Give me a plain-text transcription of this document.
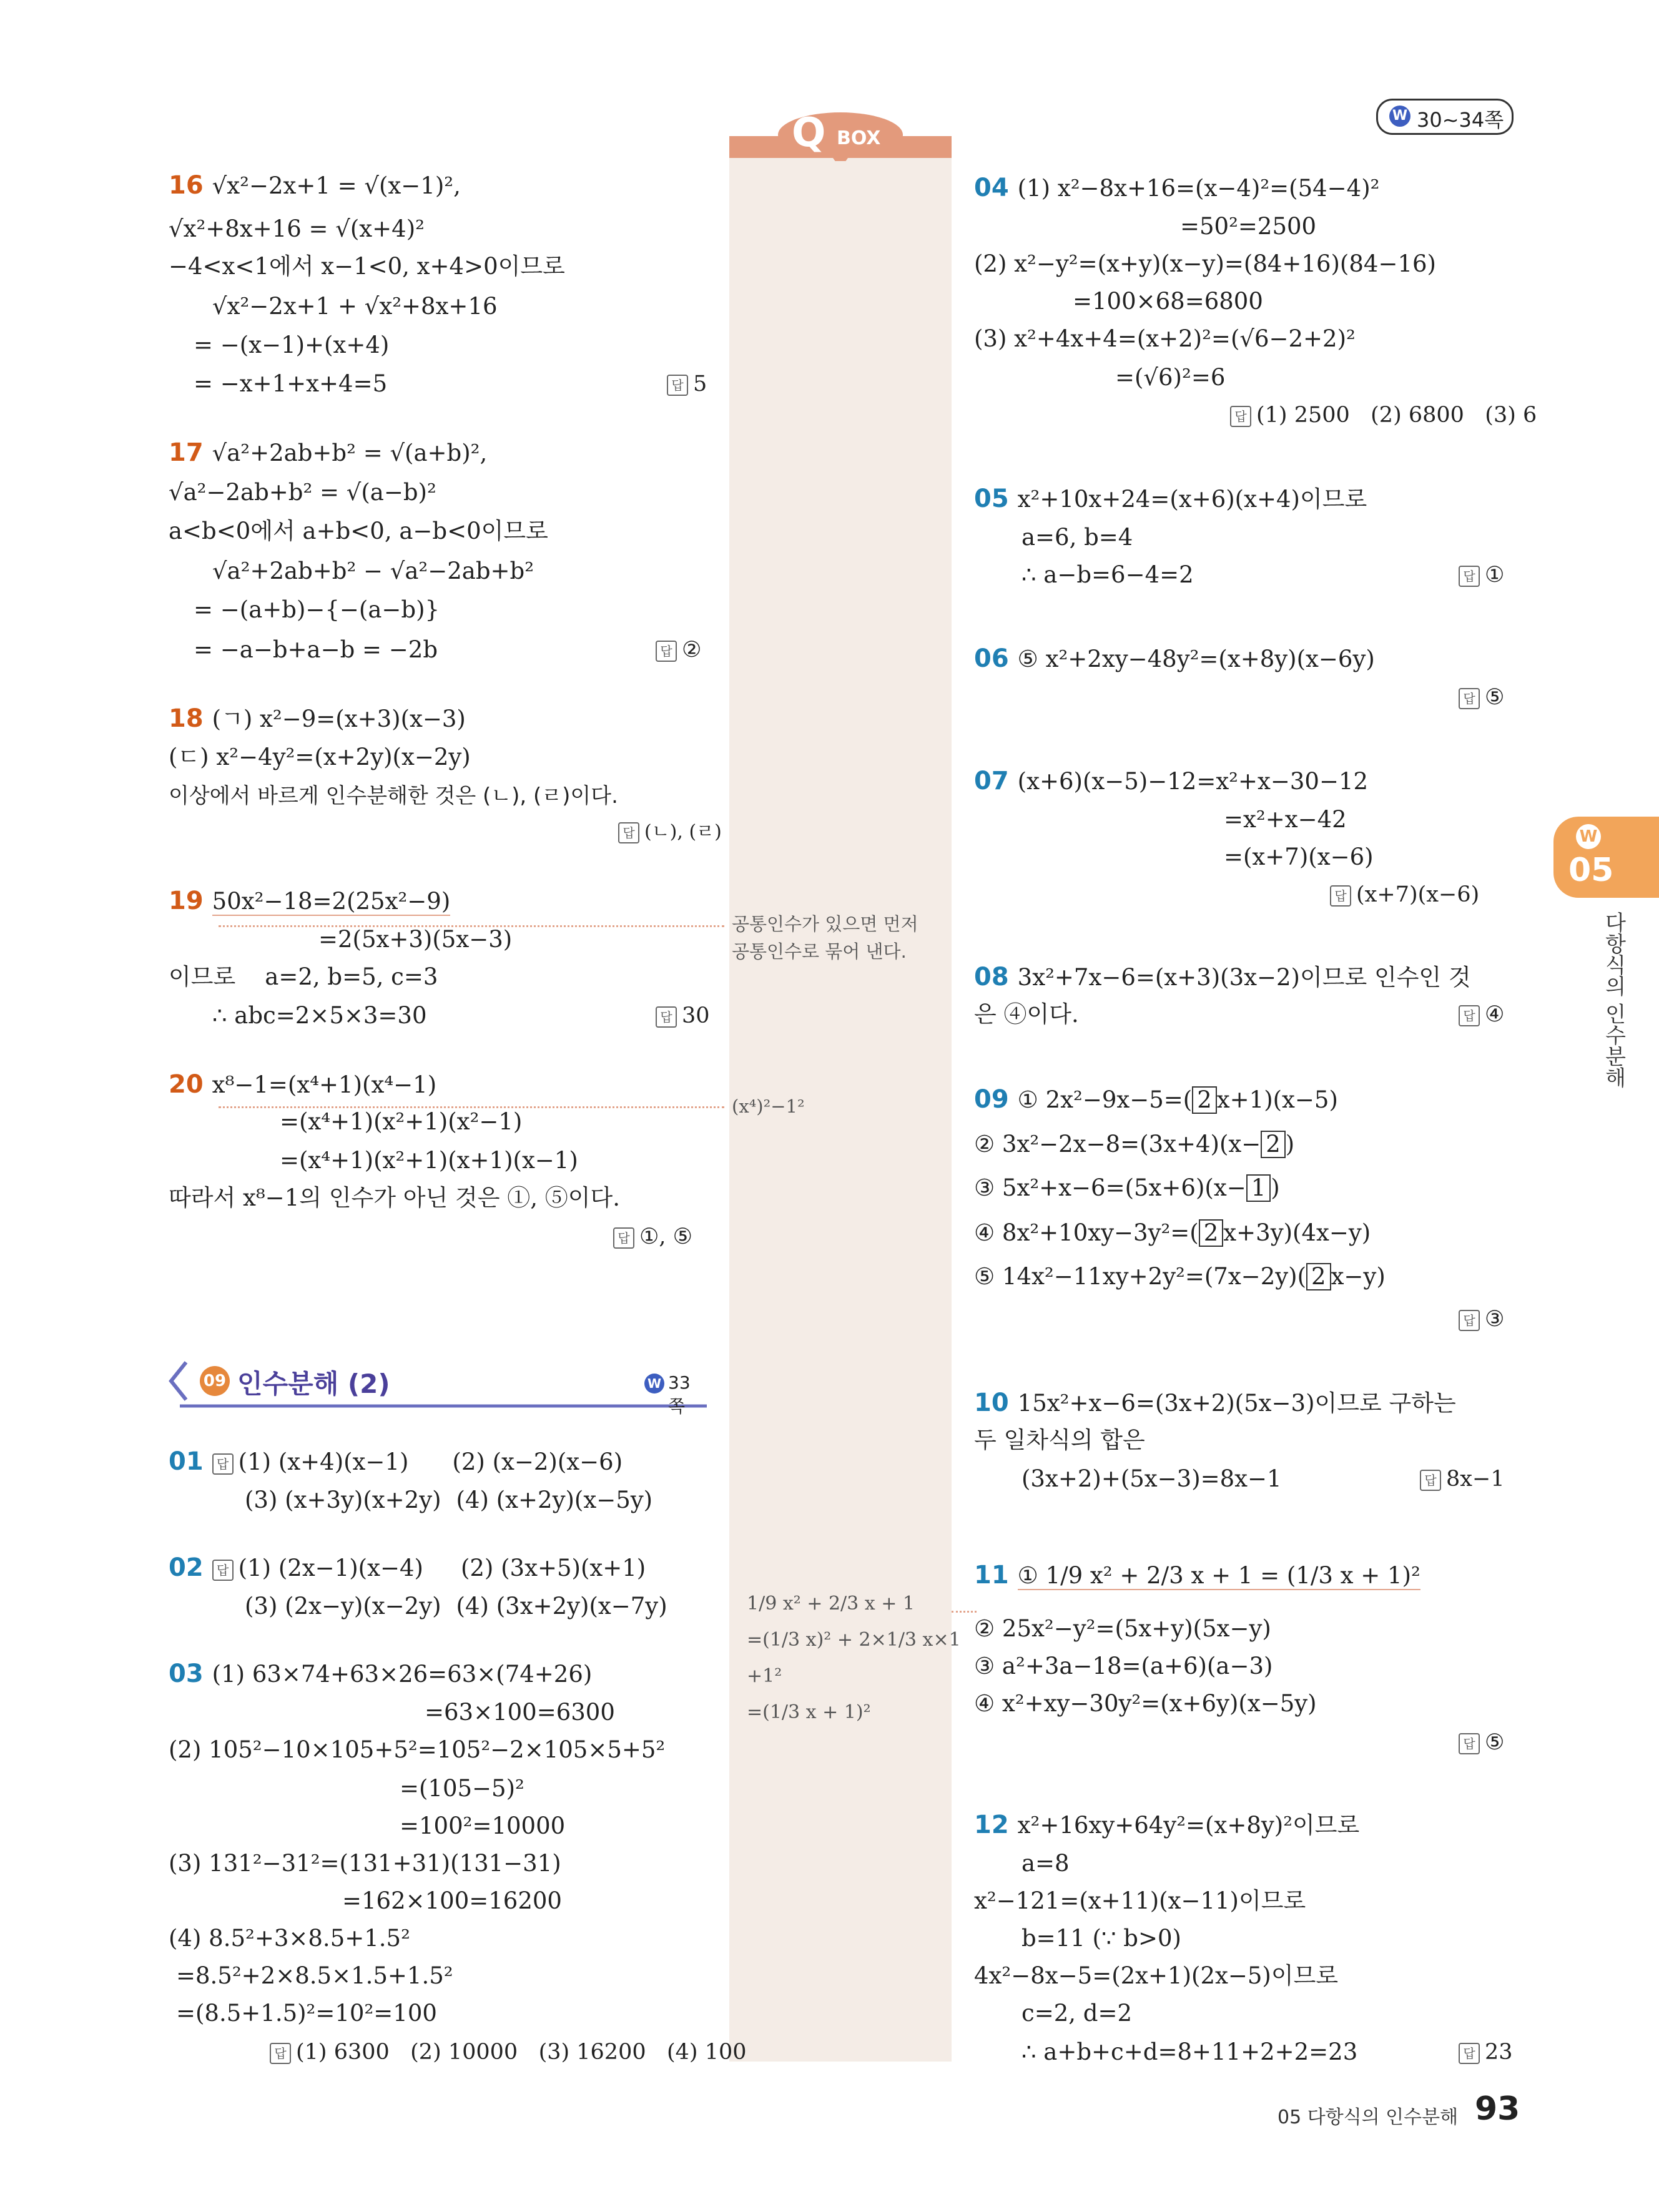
W 30~34쪽
Q BOX
W
05
다항식의 인수분해
16 √x²−2x+1 = √(x−1)²,
√x²+8x+16 = √(x+4)²
−4<x<1에서 x−1<0, x+4>0이므로
√x²−2x+1 + √x²+8x+16
= −(x−1)+(x+4)
= −x+1+x+4=5	답 5
17 √a²+2ab+b² = √(a+b)²,
√a²−2ab+b² = √(a−b)²
a<b<0에서 a+b<0, a−b<0이므로
√a²+2ab+b² − √a²−2ab+b²
= −(a+b)−{−(a−b)}
= −a−b+a−b = −2b	답 ②
18 (ㄱ) x²−9=(x+3)(x−3)
(ㄷ) x²−4y²=(x+2y)(x−2y)
이상에서 바르게 인수분해한 것은 (ㄴ), (ㄹ)이다.
답 (ㄴ), (ㄹ)
19 50x²−18=2(25x²−9)
=2(5x+3)(5x−3)
이므로    a=2, b=5, c=3
∴ abc=2×5×3=30	답 30
20 x⁸−1=(x⁴+1)(x⁴−1)
=(x⁴+1)(x²+1)(x²−1)
=(x⁴+1)(x²+1)(x+1)(x−1)
따라서 x⁸−1의 인수가 아닌 것은 ①, ⑤이다.
답 ①, ⑤
09 인수분해 (2)	W 33쪽
01 답 (1) (x+4)(x−1) (2) (x−2)(x−6)
(3) (x+3y)(x+2y) (4) (x+2y)(x−5y)
02 답 (1) (2x−1)(x−4) (2) (3x+5)(x+1)
(3) (2x−y)(x−2y) (4) (3x+2y)(x−7y)
03 (1) 63×74+63×26=63×(74+26)
=63×100=6300
(2) 105²−10×105+5²=105²−2×105×5+5²
=(105−5)²
=100²=10000
(3) 131²−31²=(131+31)(131−31)
=162×100=16200
(4) 8.5²+3×8.5+1.5²
=8.5²+2×8.5×1.5+1.5²
=(8.5+1.5)²=10²=100
답 (1) 6300   (2) 10000   (3) 16200   (4) 100
공통인수가 있으면 먼저
공통인수로 묶어 낸다.
(x⁴)²−1²
1/9 x² + 2/3 x + 1
=(1/3 x)² + 2×1/3 x×1
+1²
=(1/3 x + 1)²
04 (1) x²−8x+16=(x−4)²=(54−4)²
=50²=2500
(2) x²−y²=(x+y)(x−y)=(84+16)(84−16)
=100×68=6800
(3) x²+4x+4=(x+2)²=(√6−2+2)²
=(√6)²=6
답 (1) 2500   (2) 6800   (3) 6
05 x²+10x+24=(x+6)(x+4)이므로
a=6, b=4
∴ a−b=6−4=2	답 ①
06 ⑤ x²+2xy−48y²=(x+8y)(x−6y)
답 ⑤
07 (x+6)(x−5)−12=x²+x−30−12
=x²+x−42
=(x+7)(x−6)
답 (x+7)(x−6)
08 3x²+7x−6=(x+3)(3x−2)이므로 인수인 것
은 ④이다.	답 ④
09 ① 2x²−9x−5=( 2 x+1)(x−5)
② 3x²−2x−8=(3x+4)(x− 2 )
③ 5x²+x−6=(5x+6)(x− 1 )
④ 8x²+10xy−3y²=( 2 x+3y)(4x−y)
⑤ 14x²−11xy+2y²=(7x−2y)( 2 x−y)
답 ③
10 15x²+x−6=(3x+2)(5x−3)이므로 구하는
두 일차식의 합은
(3x+2)+(5x−3)=8x−1	답 8x−1
11 ① 1/9 x² + 2/3 x + 1 = (1/3 x + 1)²
② 25x²−y²=(5x+y)(5x−y)
③ a²+3a−18=(a+6)(a−3)
④ x²+xy−30y²=(x+6y)(x−5y)
답 ⑤
12 x²+16xy+64y²=(x+8y)²이므로
a=8
x²−121=(x+11)(x−11)이므로
b=11 (∵ b>0)
4x²−8x−5=(2x+1)(2x−5)이므로
c=2, d=2
∴ a+b+c+d=8+11+2+2=23	답 23
05 다항식의 인수분해 93
